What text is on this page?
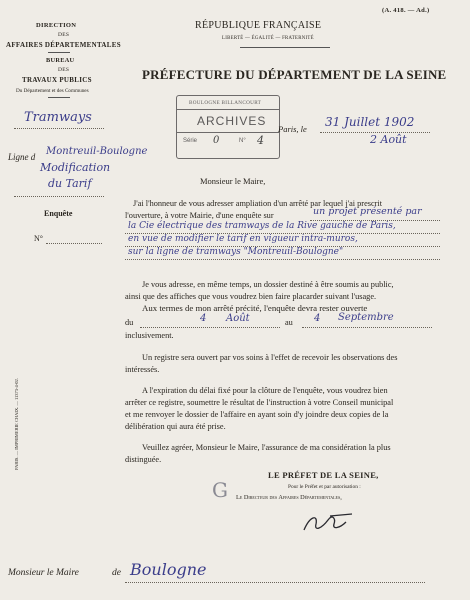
(A. 418. — Ad.)
DIRECTION
DES
AFFAIRES DÉPARTEMENTALES
BUREAU
DES
TRAVAUX PUBLICS
Du Département et des Communes
Tramways
Ligne d Montreuil-Boulogne
Modification
du Tarif
Enquête
N°
RÉPUBLIQUE FRANÇAISE
LIBERTÉ — ÉGALITÉ — FRATERNITÉ
PRÉFECTURE DU DÉPARTEMENT DE LA SEINE
BOULOGNE BILLANCOURT
ARCHIVES
Série 0	N° 4
Paris, le 31 Juillet 1902
2 Août
Monsieur le Maire,
J'ai l'honneur de vous adresser ampliation d'un arrêté par lequel j'ai prescrit
l'ouverture, à votre Mairie, d'une enquête sur	un projet présenté par
la Cie électrique des tramways de la Rive gauche de Paris,
en vue de modifier le tarif en vigueur intra-muros,
sur la ligne de tramways "Montreuil-Boulogne"
Je vous adresse, en même temps, un dossier destiné à être soumis au public,
ainsi que des affiches que vous voudrez bien faire placarder suivant l'usage.
Aux termes de mon arrêté précité, l'enquête devra rester ouverte
du	4 Août	au 4 Septembre
inclusivement.
Un registre sera ouvert par vos soins à l'effet de recevoir les observations des
intéressés.
A l'expiration du délai fixé pour la clôture de l'enquête, vous voudrez bien
arrêter ce registre, soumettre le résultat de l'instruction à votre Conseil municipal
et me renvoyer le dossier de l'affaire en ayant soin d'y joindre deux copies de la
délibération qui aura été prise.
Veuillez agréer, Monsieur le Maire, l'assurance de ma considération la plus
distinguée.
LE PRÉFET DE LA SEINE,
Pour le Préfet et par autorisation :
G Le Directeur des Affaires Départementales,
PARIS. — IMPRIMERIE CHAIX. — 11373-4-02.
Monsieur le Maire	de Boulogne
